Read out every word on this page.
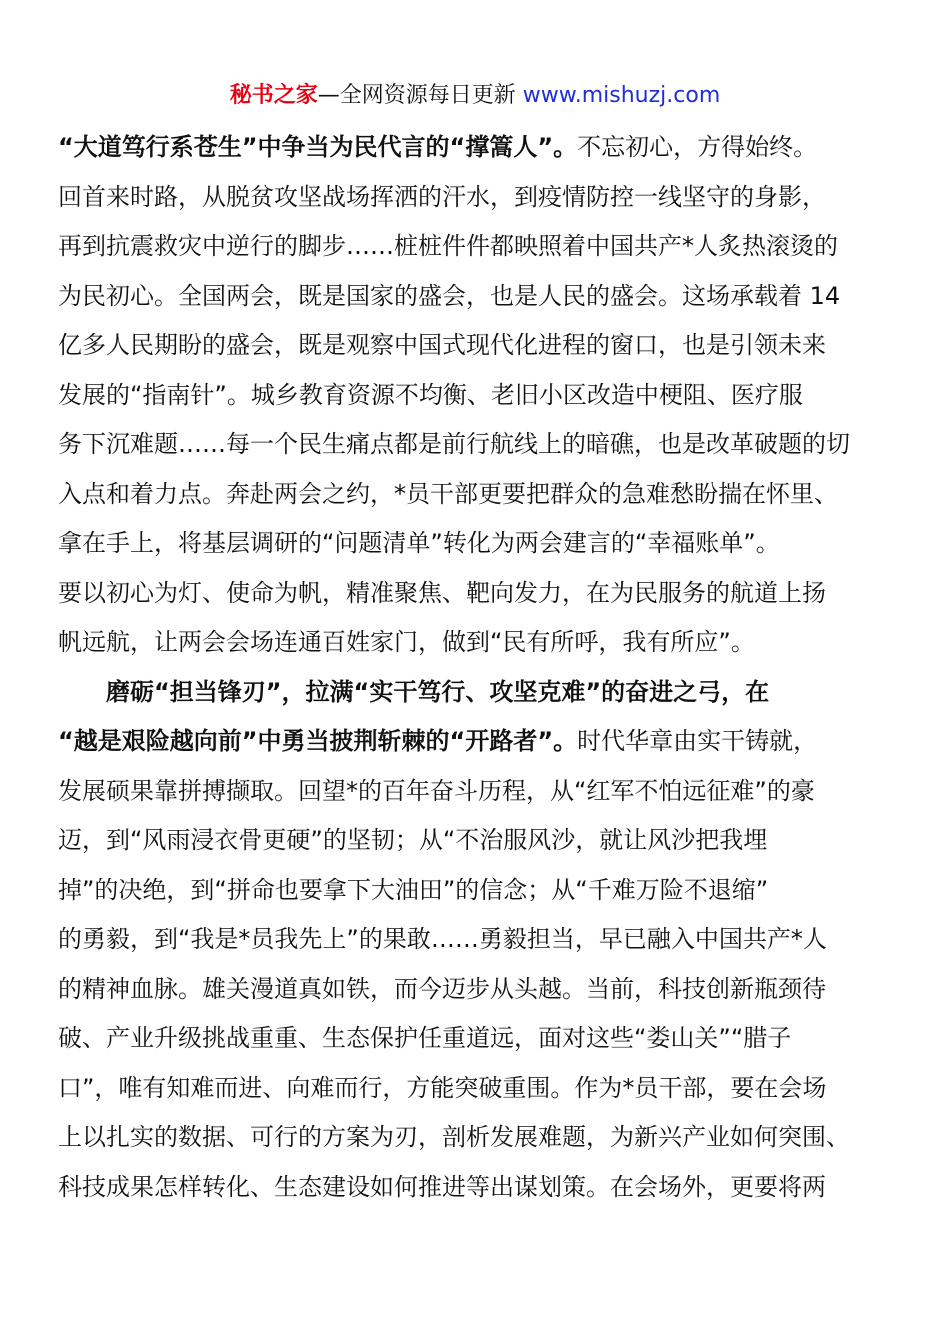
秘书之家—全网资源每日更新 www.mishuzj.com
“大道笃行系苍生”中争当为民代言的“撑篙人”。不忘初心，方得始终。
回首来时路，从脱贫攻坚战场挥洒的汗水，到疫情防控一线坚守的身影，
再到抗震救灾中逆行的脚步……桩桩件件都映照着中国共产*人炙热滚烫的
为民初心。全国两会，既是国家的盛会，也是人民的盛会。这场承载着 14
亿多人民期盼的盛会，既是观察中国式现代化进程的窗口，也是引领未来
发展的“指南针”。城乡教育资源不均衡、老旧小区改造中梗阻、医疗服
务下沉难题……每一个民生痛点都是前行航线上的暗礁，也是改革破题的切
入点和着力点。奔赴两会之约，*员干部更要把群众的急难愁盼揣在怀里、
拿在手上，将基层调研的“问题清单”转化为两会建言的“幸福账单”。
要以初心为灯、使命为帆，精准聚焦、靶向发力，在为民服务的航道上扬
帆远航，让两会会场连通百姓家门，做到“民有所呼，我有所应”。
磨砺“担当锋刃”，拉满“实干笃行、攻坚克难”的奋进之弓，在
“越是艰险越向前”中勇当披荆斩棘的“开路者”。时代华章由实干铸就，
发展硕果靠拼搏撷取。回望*的百年奋斗历程，从“红军不怕远征难”的豪
迈，到“风雨浸衣骨更硬”的坚韧；从“不治服风沙，就让风沙把我埋
掉”的决绝，到“拼命也要拿下大油田”的信念；从“千难万险不退缩”
的勇毅，到“我是*员我先上”的果敢……勇毅担当，早已融入中国共产*人
的精神血脉。雄关漫道真如铁，而今迈步从头越。当前，科技创新瓶颈待
破、产业升级挑战重重、生态保护任重道远，面对这些“娄山关”“腊子
口”，唯有知难而进、向难而行，方能突破重围。作为*员干部，要在会场
上以扎实的数据、可行的方案为刃，剖析发展难题，为新兴产业如何突围、
科技成果怎样转化、生态建设如何推进等出谋划策。在会场外，更要将两
